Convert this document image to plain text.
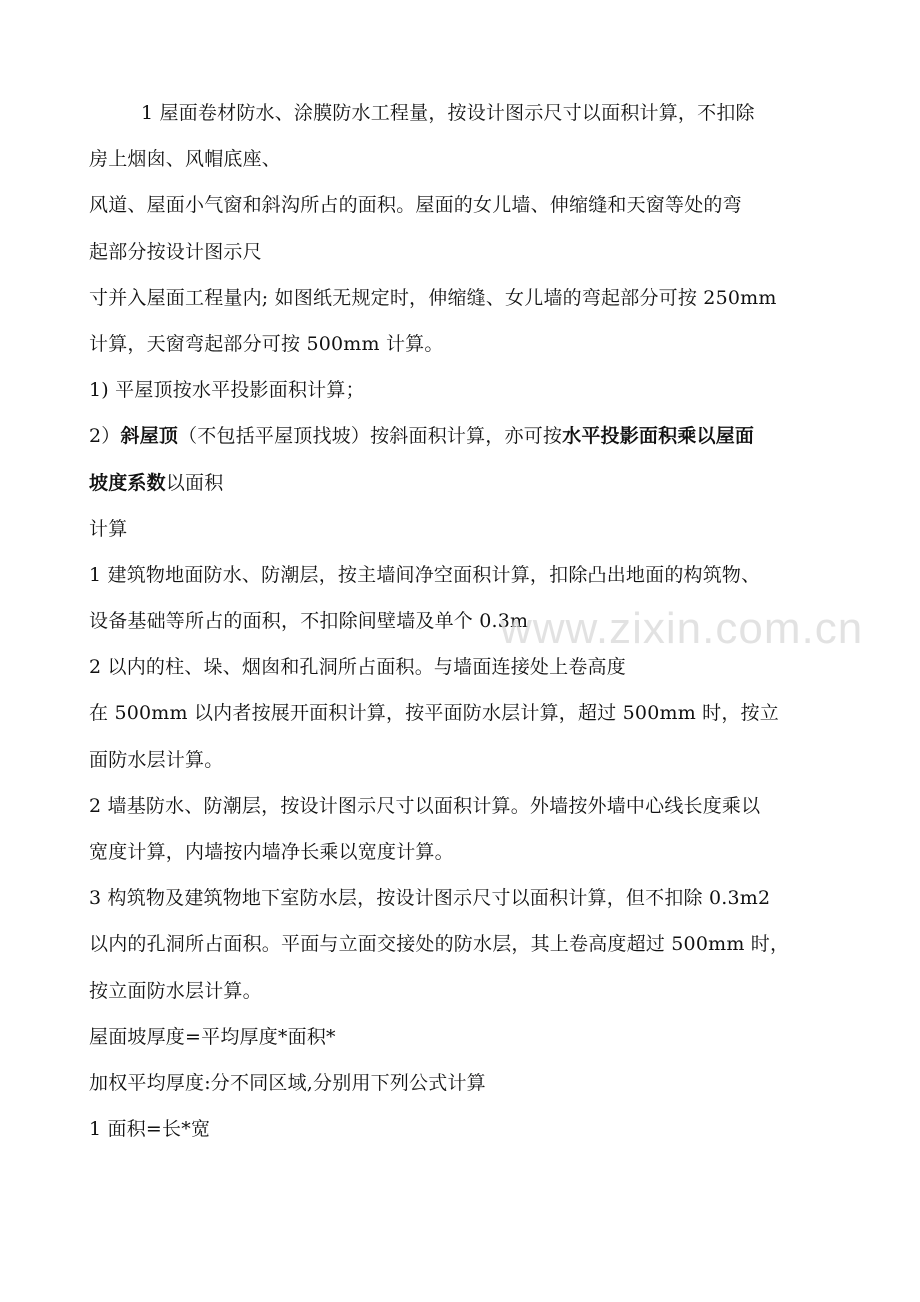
1 屋面卷材防水、涂膜防水工程量，按设计图示尺寸以面积计算，不扣除
房上烟囱、风帽底座、
风道、屋面小气窗和斜沟所占的面积。屋面的女儿墙、伸缩缝和天窗等处的弯
起部分按设计图示尺
寸并入屋面工程量内; 如图纸无规定时，伸缩缝、女儿墙的弯起部分可按 250mm
计算，天窗弯起部分可按 500mm 计算。
1) 平屋顶按水平投影面积计算；
2）斜屋顶（不包括平屋顶找坡）按斜面积计算，亦可按水平投影面积乘以屋面
坡度系数以面积
计算
1 建筑物地面防水、防潮层，按主墙间净空面积计算，扣除凸出地面的构筑物、
设备基础等所占的面积，不扣除间壁墙及单个 0.3m
2 以内的柱、垛、烟囱和孔洞所占面积。与墙面连接处上卷高度
在 500mm 以内者按展开面积计算，按平面防水层计算，超过 500mm 时，按立
面防水层计算。
2 墙基防水、防潮层，按设计图示尺寸以面积计算。外墙按外墙中心线长度乘以
宽度计算，内墙按内墙净长乘以宽度计算。
3 构筑物及建筑物地下室防水层，按设计图示尺寸以面积计算，但不扣除 0.3m2
以内的孔洞所占面积。平面与立面交接处的防水层，其上卷高度超过 500mm 时，
按立面防水层计算。
屋面坡厚度=平均厚度*面积*
加权平均厚度:分不同区域,分别用下列公式计算
1 面积=长*宽
www.zixin.com.cn
